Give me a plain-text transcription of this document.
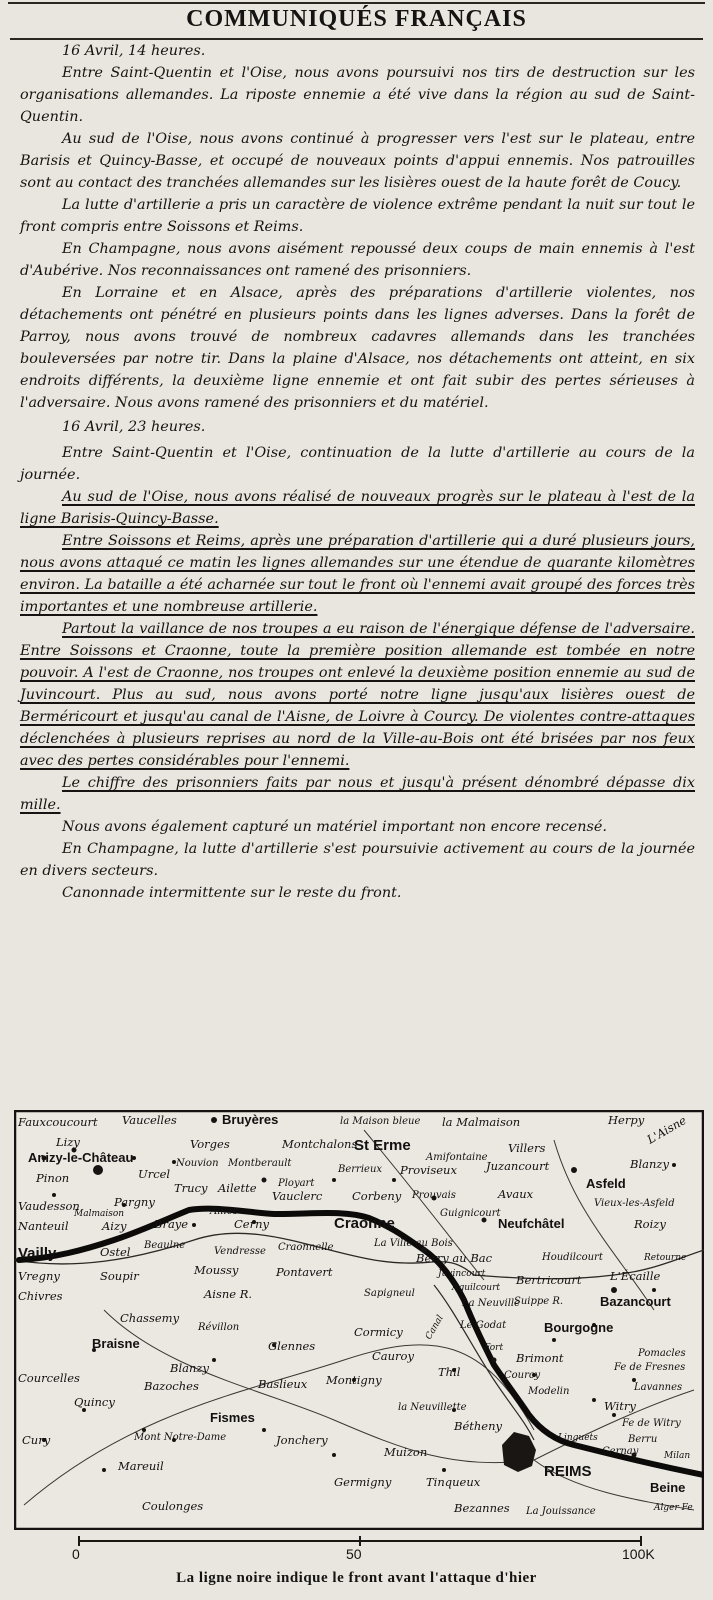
COMMUNIQUÉS FRANÇAIS

16 Avril, 14 heures.

Entre Saint-Quentin et l'Oise, nous avons poursuivi nos tirs de destruction sur les organisations allemandes. La riposte ennemie a été vive dans la région au sud de Saint-Quentin.

Au sud de l'Oise, nous avons continué à progresser vers l'est sur le plateau, entre Barisis et Quincy-Basse, et occupé de nouveaux points d'appui ennemis. Nos patrouilles sont au contact des tranchées allemandes sur les lisières ouest de la haute forêt de Coucy.

La lutte d'artillerie a pris un caractère de violence extrême pendant la nuit sur tout le front compris entre Soissons et Reims.

En Champagne, nous avons aisément repoussé deux coups de main ennemis à l'est d'Aubérive. Nos reconnaissances ont ramené des prisonniers.

En Lorraine et en Alsace, après des préparations d'artillerie violentes, nos détachements ont pénétré en plusieurs points dans les lignes adverses. Dans la forêt de Parroy, nous avons trouvé de nombreux cadavres allemands dans les tranchées bouleversées par notre tir. Dans la plaine d'Alsace, nos détachements ont atteint, en six endroits différents, la deuxième ligne ennemie et ont fait subir des pertes sérieuses à l'adversaire. Nous avons ramené des prisonniers et du matériel.

16 Avril, 23 heures.

Entre Saint-Quentin et l'Oise, continuation de la lutte d'artillerie au cours de la journée.

Au sud de l'Oise, nous avons réalisé de nouveaux progrès sur le plateau à l'est de la ligne Barisis-Quincy-Basse.

Entre Soissons et Reims, après une préparation d'artillerie qui a duré plusieurs jours, nous avons attaqué ce matin les lignes allemandes sur une étendue de quarante kilomètres environ. La bataille a été acharnée sur tout le front où l'ennemi avait groupé des forces très importantes et une nombreuse artillerie.

Partout la vaillance de nos troupes a eu raison de l'énergique défense de l'adversaire. Entre Soissons et Craonne, toute la première position allemande est tombée en notre pouvoir. A l'est de Craonne, nos troupes ont enlevé la deuxième position ennemie au sud de Juvincourt. Plus au sud, nous avons porté notre ligne jusqu'aux lisières ouest de Berméricourt et jusqu'au canal de l'Aisne, de Loivre à Courcy. De violentes contre-attaques déclenchées à plusieurs reprises au nord de la Ville-au-Bois ont été brisées par nos feux avec des pertes considérables pour l'ennemi.

Le chiffre des prisonniers faits par nous et jusqu'à présent dénombré dépasse dix mille.

Nous avons également capturé un matériel important non encore recensé.

En Champagne, la lutte d'artillerie s'est poursuivie activement au cours de la journée en divers secteurs.

Canonnade intermittente sur le reste du front.

Fauxcoucourt Vaucelles	Bruyères	la Maison bleue la Malmaison	Herpy L'Aisne
Lizy
Anizy-le-Château
Vorges	Montchalons
St Erme	Villers
Blanzy
Pinon	Urcel
Nouvion Montberault
Berrieux Proviseux
Amifontaine
Juzancourt
Asfeld
Vaudesson	Pargny
Trucy Ailette Ployart
Vauclerc	Corbeny Prouvais	Avaux
Vieux-les-Asfeld
Nanteuil
Malmaison
Aizy Braye
Ailles
Cerny	Craonne
Guignicourt
Neufchâtel	Roizy
Vailly	Ostel Beaulne
Vendresse Craonnelle	La Ville au Bois
Berry au Bac	Houdilcourt	Retourne
Vregny	Soupir	Moussy	Pontavert	Juvincourt	Bertricourt L'Écaille
Chivres	Aisne R.	Sapigneul	Aguilcourt
La Neuville
Suippe R.	Bazancourt
Chassemy
Révillon	Cormicy Canal Le Godat	Bourgogne
Braisne	Glennes
Cauroy
Fort
Brimont	Pomacles
Blanzy	Thil	Courcy
Fe de Fresnes
Courcelles
Bazoches	Baslieux Montigny
Modelin	Lavannes
Quincy	la Neuvillette	Witry
Fismes
Bétheny	Fe de Witry
Cury	Mont Notre-Dame	Jonchery	Linguets	Berru
Cernay	Milan
Mareuil
Muizon
REIMS
Germigny	Tinqueux	Beine
Coulonges	Bezannes La Jouissance	Alger Fe
0	50	100K
La ligne noire indique le front avant l'attaque d'hier
